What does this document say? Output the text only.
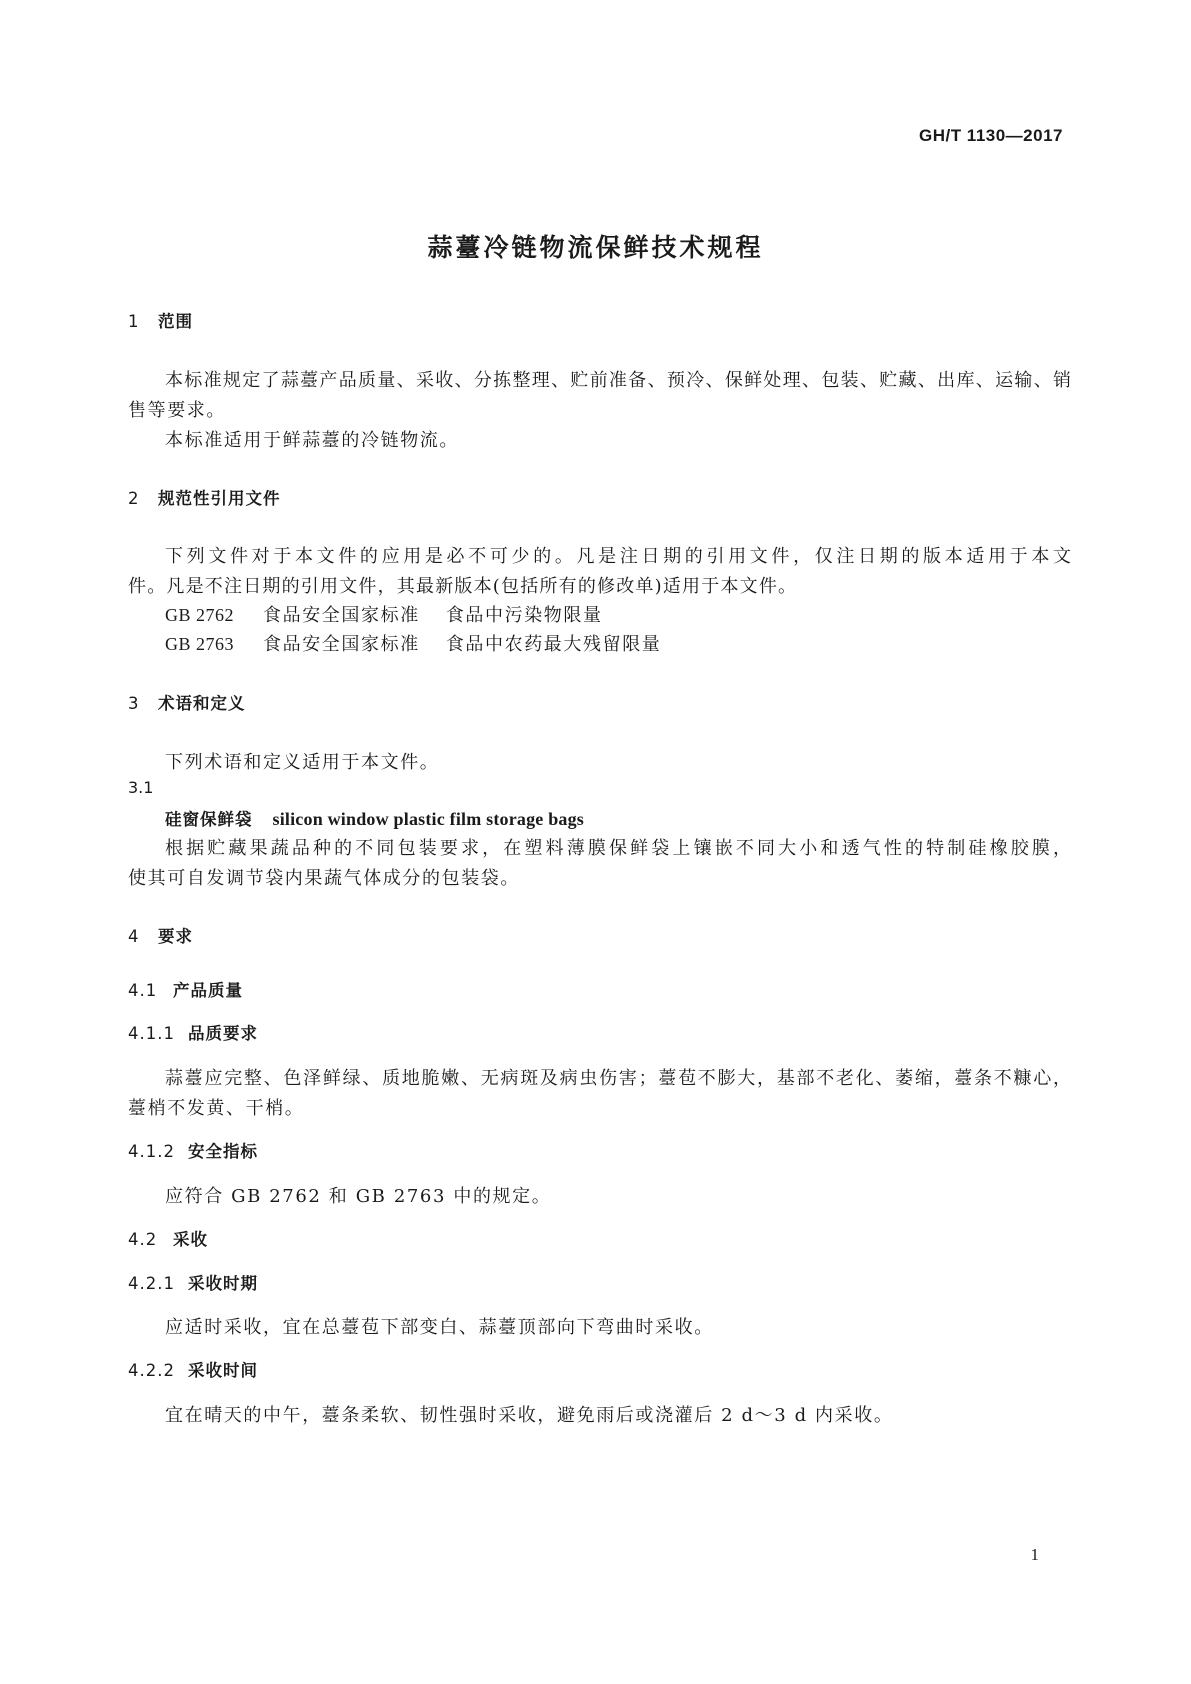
GH/T 1130—2017
蒜薹冷链物流保鲜技术规程
1 范围
本标准规定了蒜薹产品质量、采收、分拣整理、贮前准备、预冷、保鲜处理、包装、贮藏、出库、运输、销
售等要求。
本标准适用于鲜蒜薹的冷链物流。
2 规范性引用文件
下列文件对于本文件的应用是必不可少的。凡是注日期的引用文件，仅注日期的版本适用于本文
件。凡是不注日期的引用文件，其最新版本(包括所有的修改单)适用于本文件。
GB 2762 食品安全国家标准 食品中污染物限量
GB 2763 食品安全国家标准 食品中农药最大残留限量
3 术语和定义
下列术语和定义适用于本文件。
3.1
硅窗保鲜袋 silicon window plastic film storage bags
根据贮藏果蔬品种的不同包装要求，在塑料薄膜保鲜袋上镶嵌不同大小和透气性的特制硅橡胶膜，
使其可自发调节袋内果蔬气体成分的包装袋。
4 要求
4.1 产品质量
4.1.1 品质要求
蒜薹应完整、色泽鲜绿、质地脆嫩、无病斑及病虫伤害；薹苞不膨大，基部不老化、萎缩，薹条不糠心，
薹梢不发黄、干梢。
4.1.2 安全指标
应符合 GB 2762 和 GB 2763 中的规定。
4.2 采收
4.2.1 采收时期
应适时采收，宜在总薹苞下部变白、蒜薹顶部向下弯曲时采收。
4.2.2 采收时间
宜在晴天的中午，薹条柔软、韧性强时采收，避免雨后或浇灌后 2 d～3 d 内采收。
1
